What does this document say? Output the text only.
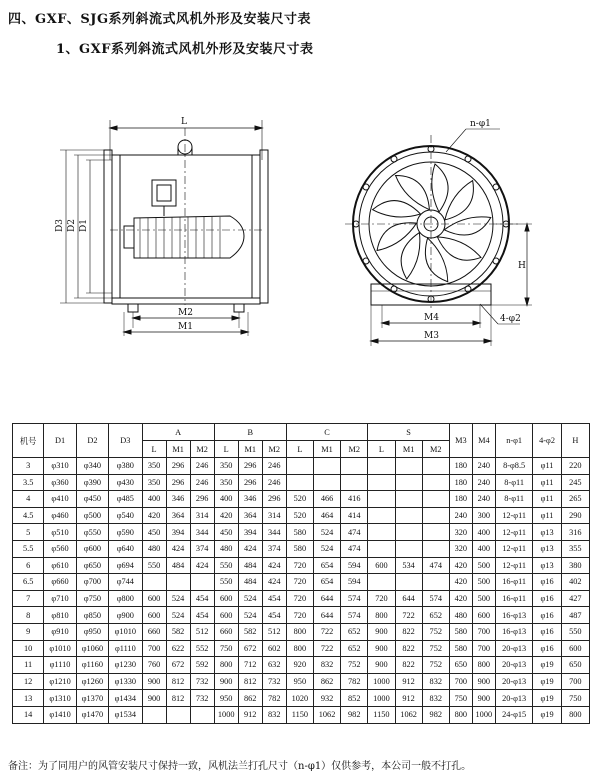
四、GXF、SJG系列斜流式风机外形及安装尺寸表
1、GXF系列斜流式风机外形及安装尺寸表
L
D3 D2 D1
M2
M1
n-φ1
H
M4	4-φ2
M3
机号	D1	D2	D3	A			B			C			S			M3	M4	n-φ1	4-φ2	H
				L	M1	M2	L	M1	M2	L	M1	M2	L	M1	M2					
3	φ310	φ340	φ380	350	296	246	350	296	246							180	240	8-φ8.5	φ11	220
3.5	φ360	φ390	φ430	350	296	246	350	296	246							180	240	8-φ11	φ11	245
4	φ410	φ450	φ485	400	346	296	400	346	296	520	466	416				180	240	8-φ11	φ11	265
4.5	φ460	φ500	φ540	420	364	314	420	364	314	520	464	414				240	300	12-φ11	φ11	290
5	φ510	φ550	φ590	450	394	344	450	394	344	580	524	474				320	400	12-φ11	φ13	316
5.5	φ560	φ600	φ640	480	424	374	480	424	374	580	524	474				320	400	12-φ11	φ13	355
6	φ610	φ650	φ694	550	484	424	550	484	424	720	654	594	600	534	474	420	500	12-φ11	φ13	380
6.5	φ660	φ700	φ744				550	484	424	720	654	594				420	500	16-φ11	φ16	402
7	φ710	φ750	φ800	600	524	454	600	524	454	720	644	574	720	644	574	420	500	16-φ11	φ16	427
8	φ810	φ850	φ900	600	524	454	600	524	454	720	644	574	800	722	652	480	600	16-φ13	φ16	487
9	φ910	φ950	φ1010	660	582	512	660	582	512	800	722	652	900	822	752	580	700	16-φ13	φ16	550
10	φ1010	φ1060	φ1110	700	622	552	750	672	602	800	722	652	900	822	752	580	700	20-φ13	φ16	600
11	φ1110	φ1160	φ1230	760	672	592	800	712	632	920	832	752	900	822	752	650	800	20-φ13	φ19	650
12	φ1210	φ1260	φ1330	900	812	732	900	812	732	950	862	782	1000	912	832	700	900	20-φ13	φ19	700
13	φ1310	φ1370	φ1434	900	812	732	950	862	782	1020	932	852	1000	912	832	750	900	20-φ13	φ19	750
14	φ1410	φ1470	φ1534				1000	912	832	1150	1062	982	1150	1062	982	800	1000	24-φ15	φ19	800
备注：为了同用户的风管安装尺寸保持一致，风机法兰打孔尺寸（n-φ1）仅供参考，本公司一般不打孔。
